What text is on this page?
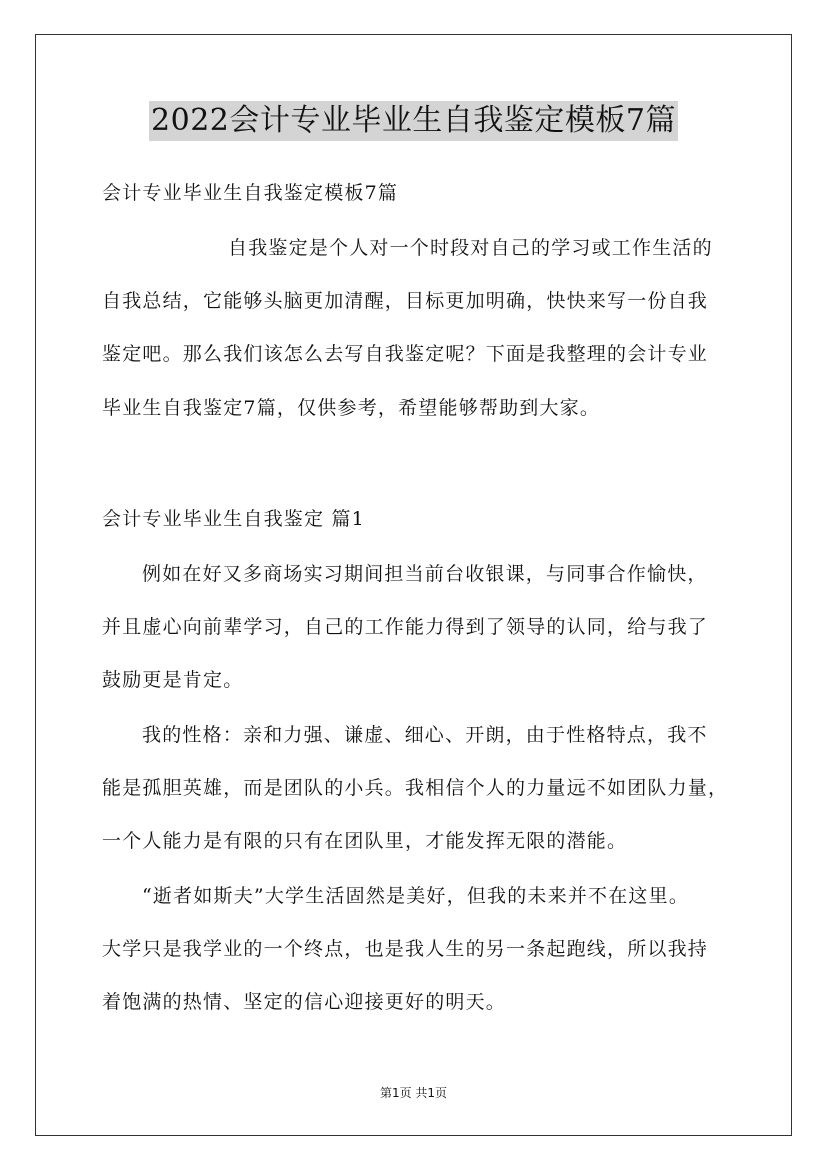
2022会计专业毕业生自我鉴定模板7篇
会计专业毕业生自我鉴定模板7篇
自我鉴定是个人对一个时段对自己的学习或工作生活的
自我总结，它能够头脑更加清醒，目标更加明确，快快来写一份自我
鉴定吧。那么我们该怎么去写自我鉴定呢？下面是我整理的会计专业
毕业生自我鉴定7篇，仅供参考，希望能够帮助到大家。
会计专业毕业生自我鉴定 篇1
例如在好又多商场实习期间担当前台收银课，与同事合作愉快，
并且虚心向前辈学习，自己的工作能力得到了领导的认同，给与我了
鼓励更是肯定。
我的性格：亲和力强、谦虚、细心、开朗，由于性格特点，我不
能是孤胆英雄，而是团队的小兵。我相信个人的力量远不如团队力量，
一个人能力是有限的只有在团队里，才能发挥无限的潜能。
“逝者如斯夫”大学生活固然是美好，但我的未来并不在这里。
大学只是我学业的一个终点，也是我人生的另一条起跑线，所以我持
着饱满的热情、坚定的信心迎接更好的明天。
第1页 共1页
